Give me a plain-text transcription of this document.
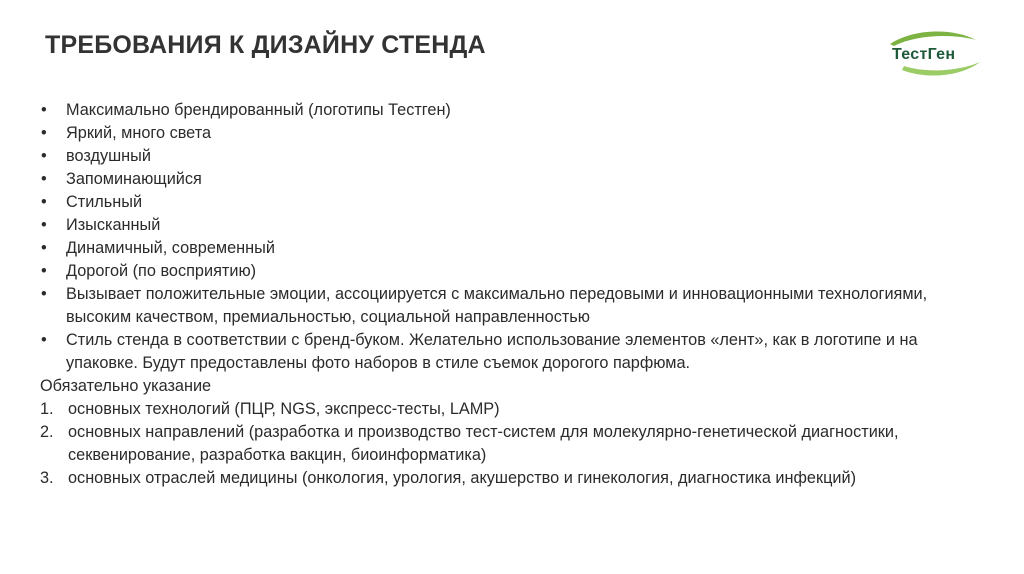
ТРЕБОВАНИЯ К ДИЗАЙНУ СТЕНДА	ТестГен
• Максимально брендированный (логотипы Тестген)
• Яркий, много света
• воздушный
• Запоминающийся
• Стильный
• Изысканный
• Динамичный, современный
• Дорогой (по восприятию)
• Вызывает положительные эмоции, ассоциируется с максимально передовыми и инновационными технологиями, высоким качеством, премиальностью, социальной направленностью
• Стиль стенда в соответствии с бренд-буком. Желательно использование элементов «лент», как в логотипе и на упаковке. Будут предоставлены фото наборов в стиле съемок дорогого парфюма.

Обязательно указание

1. основных технологий (ПЦР, NGS, экспресс-тесты, LAMP)
2. основных направлений (разработка и производство тест-систем для молекулярно-генетической диагностики, секвенирование, разработка вакцин, биоинформатика)
3. основных отраслей медицины (онкология, урология, акушерство и гинекология, диагностика инфекций)
